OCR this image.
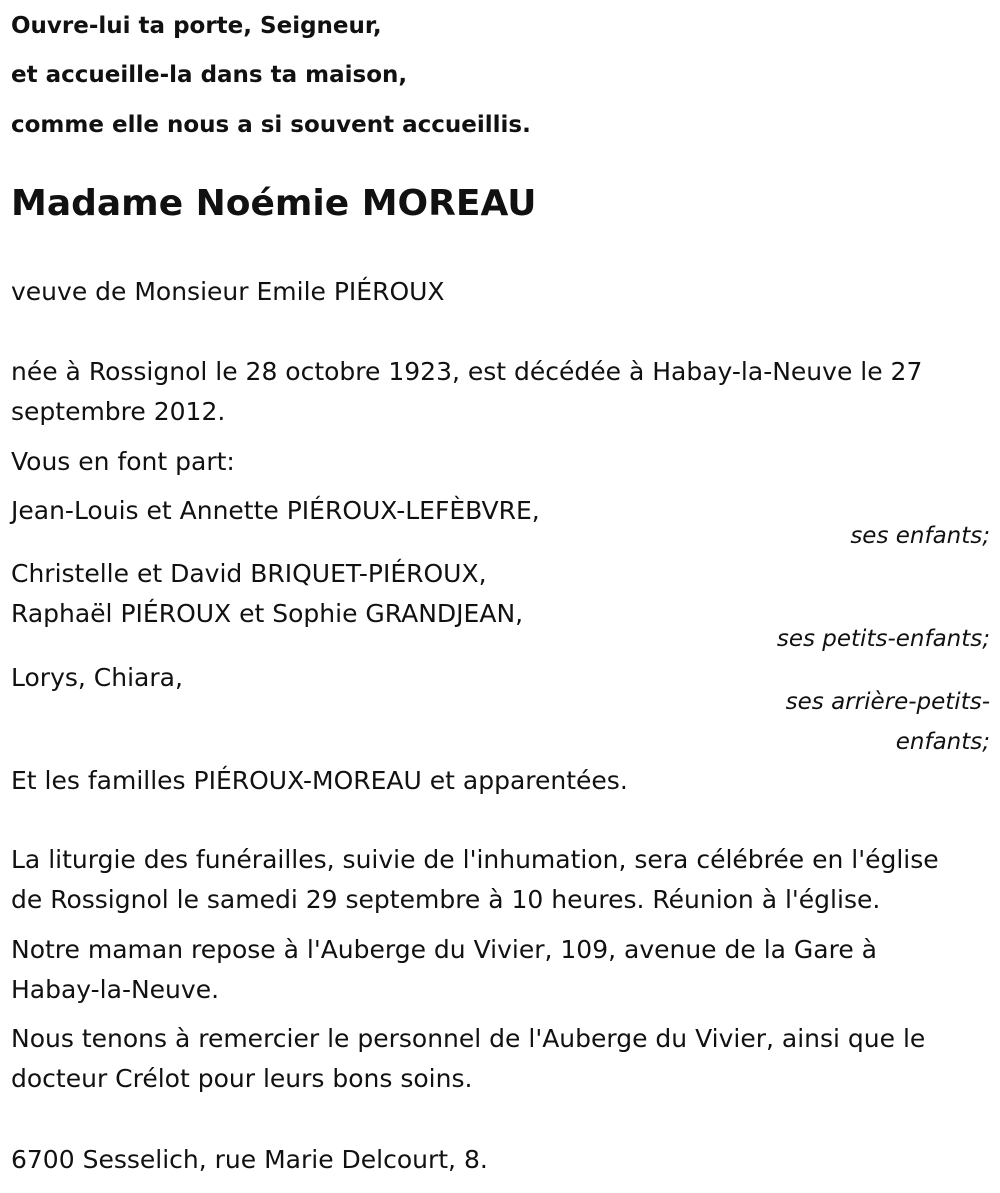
Ouvre-lui ta porte, Seigneur,
et accueille-la dans ta maison,
comme elle nous a si souvent accueillis.
Madame Noémie MOREAU
veuve de Monsieur Emile PIÉROUX
née à Rossignol le 28 octobre 1923, est décédée à Habay-la-Neuve le 27
septembre 2012.
Vous en font part:
Jean-Louis et Annette PIÉROUX-LEFÈBVRE,
ses enfants;
Christelle et David BRIQUET-PIÉROUX,
Raphaël PIÉROUX et Sophie GRANDJEAN,
ses petits-enfants;
Lorys, Chiara,
ses arrière-petits-
enfants;
Et les familles PIÉROUX-MOREAU et apparentées.
La liturgie des funérailles, suivie de l'inhumation, sera célébrée en l'église
de Rossignol le samedi 29 septembre à 10 heures. Réunion à l'église.
Notre maman repose à l'Auberge du Vivier, 109, avenue de la Gare à
Habay-la-Neuve.
Nous tenons à remercier le personnel de l'Auberge du Vivier, ainsi que le
docteur Crélot pour leurs bons soins.
6700 Sesselich, rue Marie Delcourt, 8.
